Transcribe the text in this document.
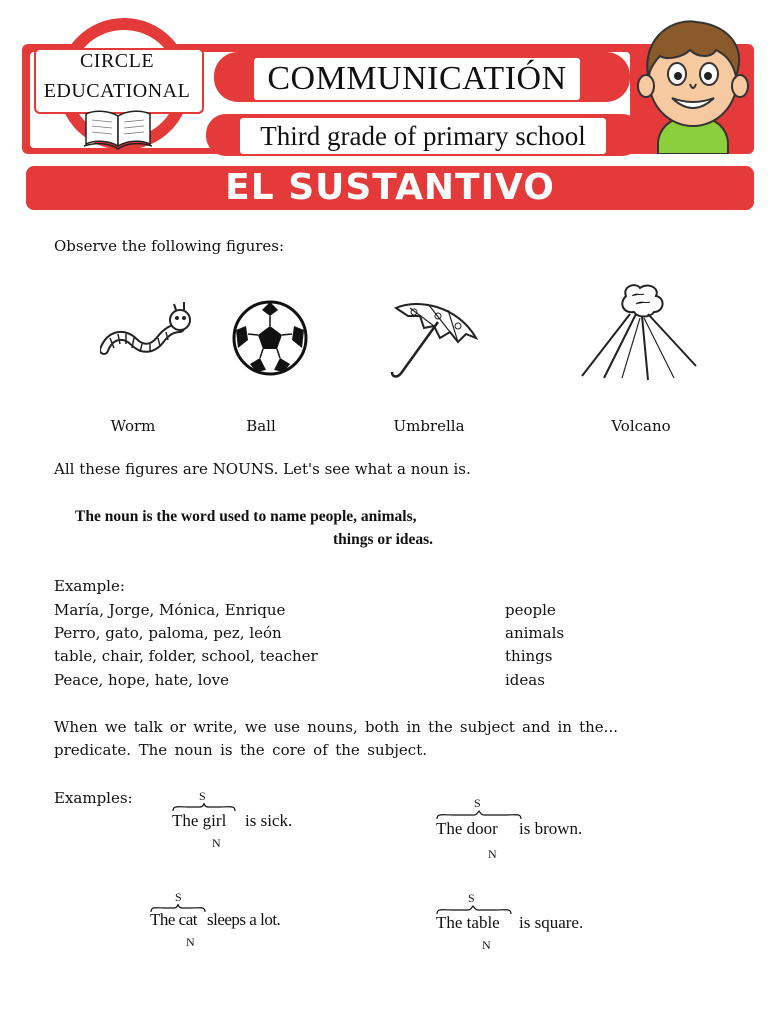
CIRCLE
EDUCATIONAL	COMMUNICATIÓN
Third grade of primary school
EL SUSTANTIVO
Observe the following figures:
Worm	Ball	Umbrella	Volcano
All these figures are NOUNS. Let's see what a noun is.
The noun is the word used to name people, animals,
things or ideas.
Example:
María, Jorge, Mónica, Enrique	people
Perro, gato, paloma, pez, león	animals
table, chair, folder, school, teacher	things
Peace, hope, hate, love	ideas
When we talk or write, we use nouns, both in the subject and in the...
predicate. The noun is the core of the subject.
Examples:	S
The girl is sick.
N
S
The door is brown.
N
S
The cat sleeps a lot.
N
S
The table is square.
N
